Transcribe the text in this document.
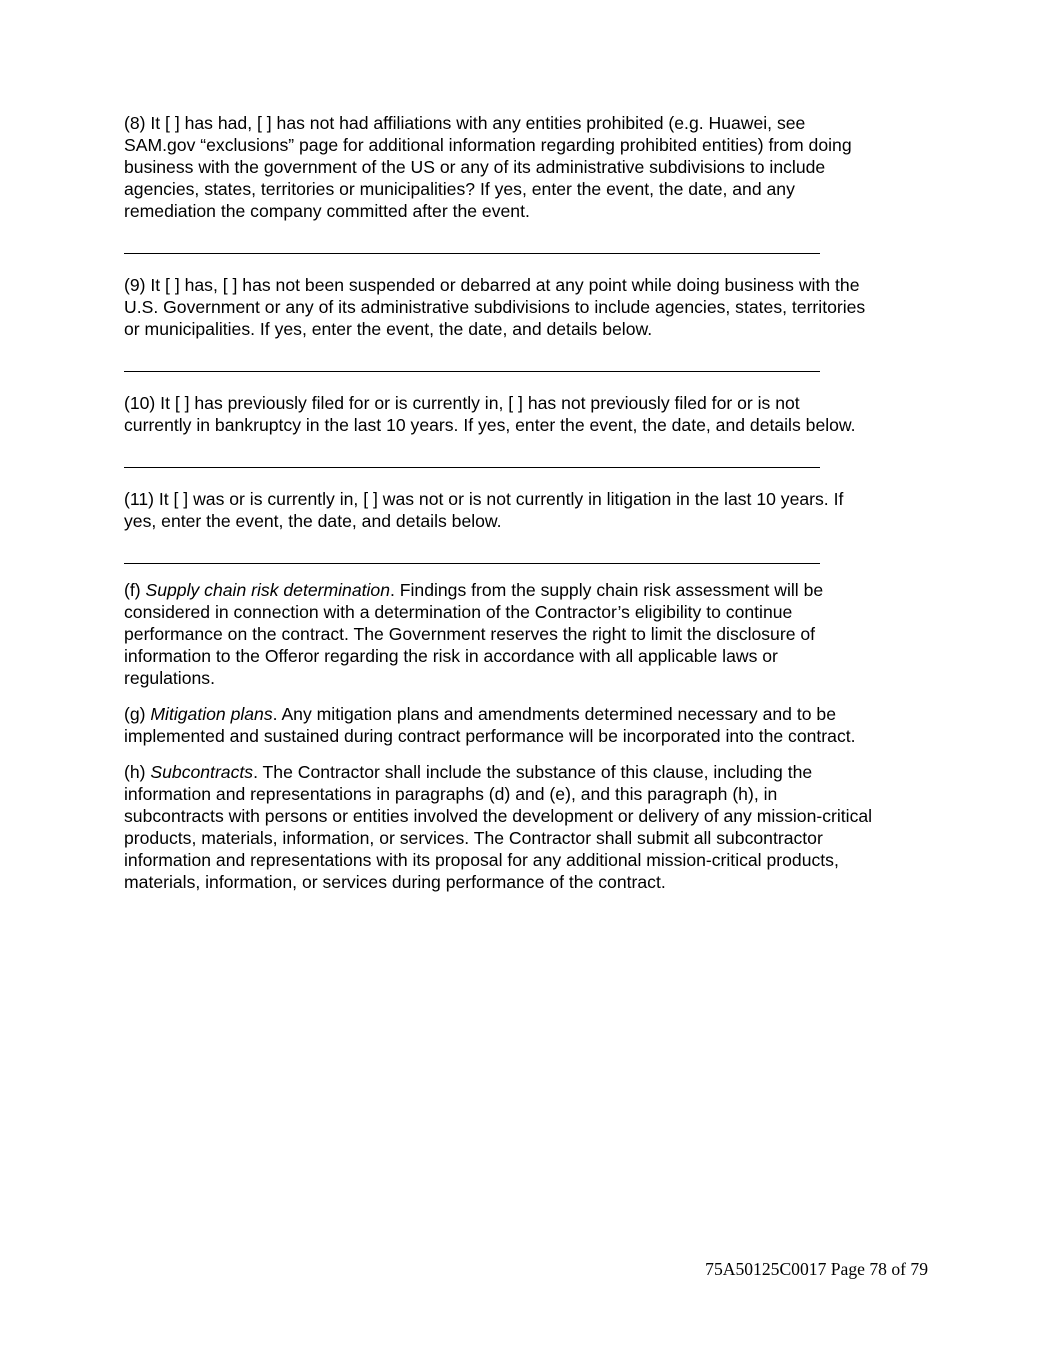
(8) It [ ] has had, [ ] has not had affiliations with any entities prohibited (e.g. Huawei, see
SAM.gov “exclusions” page for additional information regarding prohibited entities) from doing
business with the government of the US or any of its administrative subdivisions to include
agencies, states, territories or municipalities? If yes, enter the event, the date, and any
remediation the company committed after the event.

(9) It [ ] has, [ ] has not been suspended or debarred at any point while doing business with the
U.S. Government or any of its administrative subdivisions to include agencies, states, territories
or municipalities. If yes, enter the event, the date, and details below.

(10) It [ ] has previously filed for or is currently in, [ ] has not previously filed for or is not
currently in bankruptcy in the last 10 years. If yes, enter the event, the date, and details below.

(11) It [ ] was or is currently in, [ ] was not or is not currently in litigation in the last 10 years. If
yes, enter the event, the date, and details below.

(f) Supply chain risk determination. Findings from the supply chain risk assessment will be
considered in connection with a determination of the Contractor’s eligibility to continue
performance on the contract. The Government reserves the right to limit the disclosure of
information to the Offeror regarding the risk in accordance with all applicable laws or
regulations.

(g) Mitigation plans. Any mitigation plans and amendments determined necessary and to be
implemented and sustained during contract performance will be incorporated into the contract.

(h) Subcontracts. The Contractor shall include the substance of this clause, including the
information and representations in paragraphs (d) and (e), and this paragraph (h), in
subcontracts with persons or entities involved the development or delivery of any mission-critical
products, materials, information, or services. The Contractor shall submit all subcontractor
information and representations with its proposal for any additional mission-critical products,
materials, information, or services during performance of the contract.

75A50125C0017 Page 78 of 79
